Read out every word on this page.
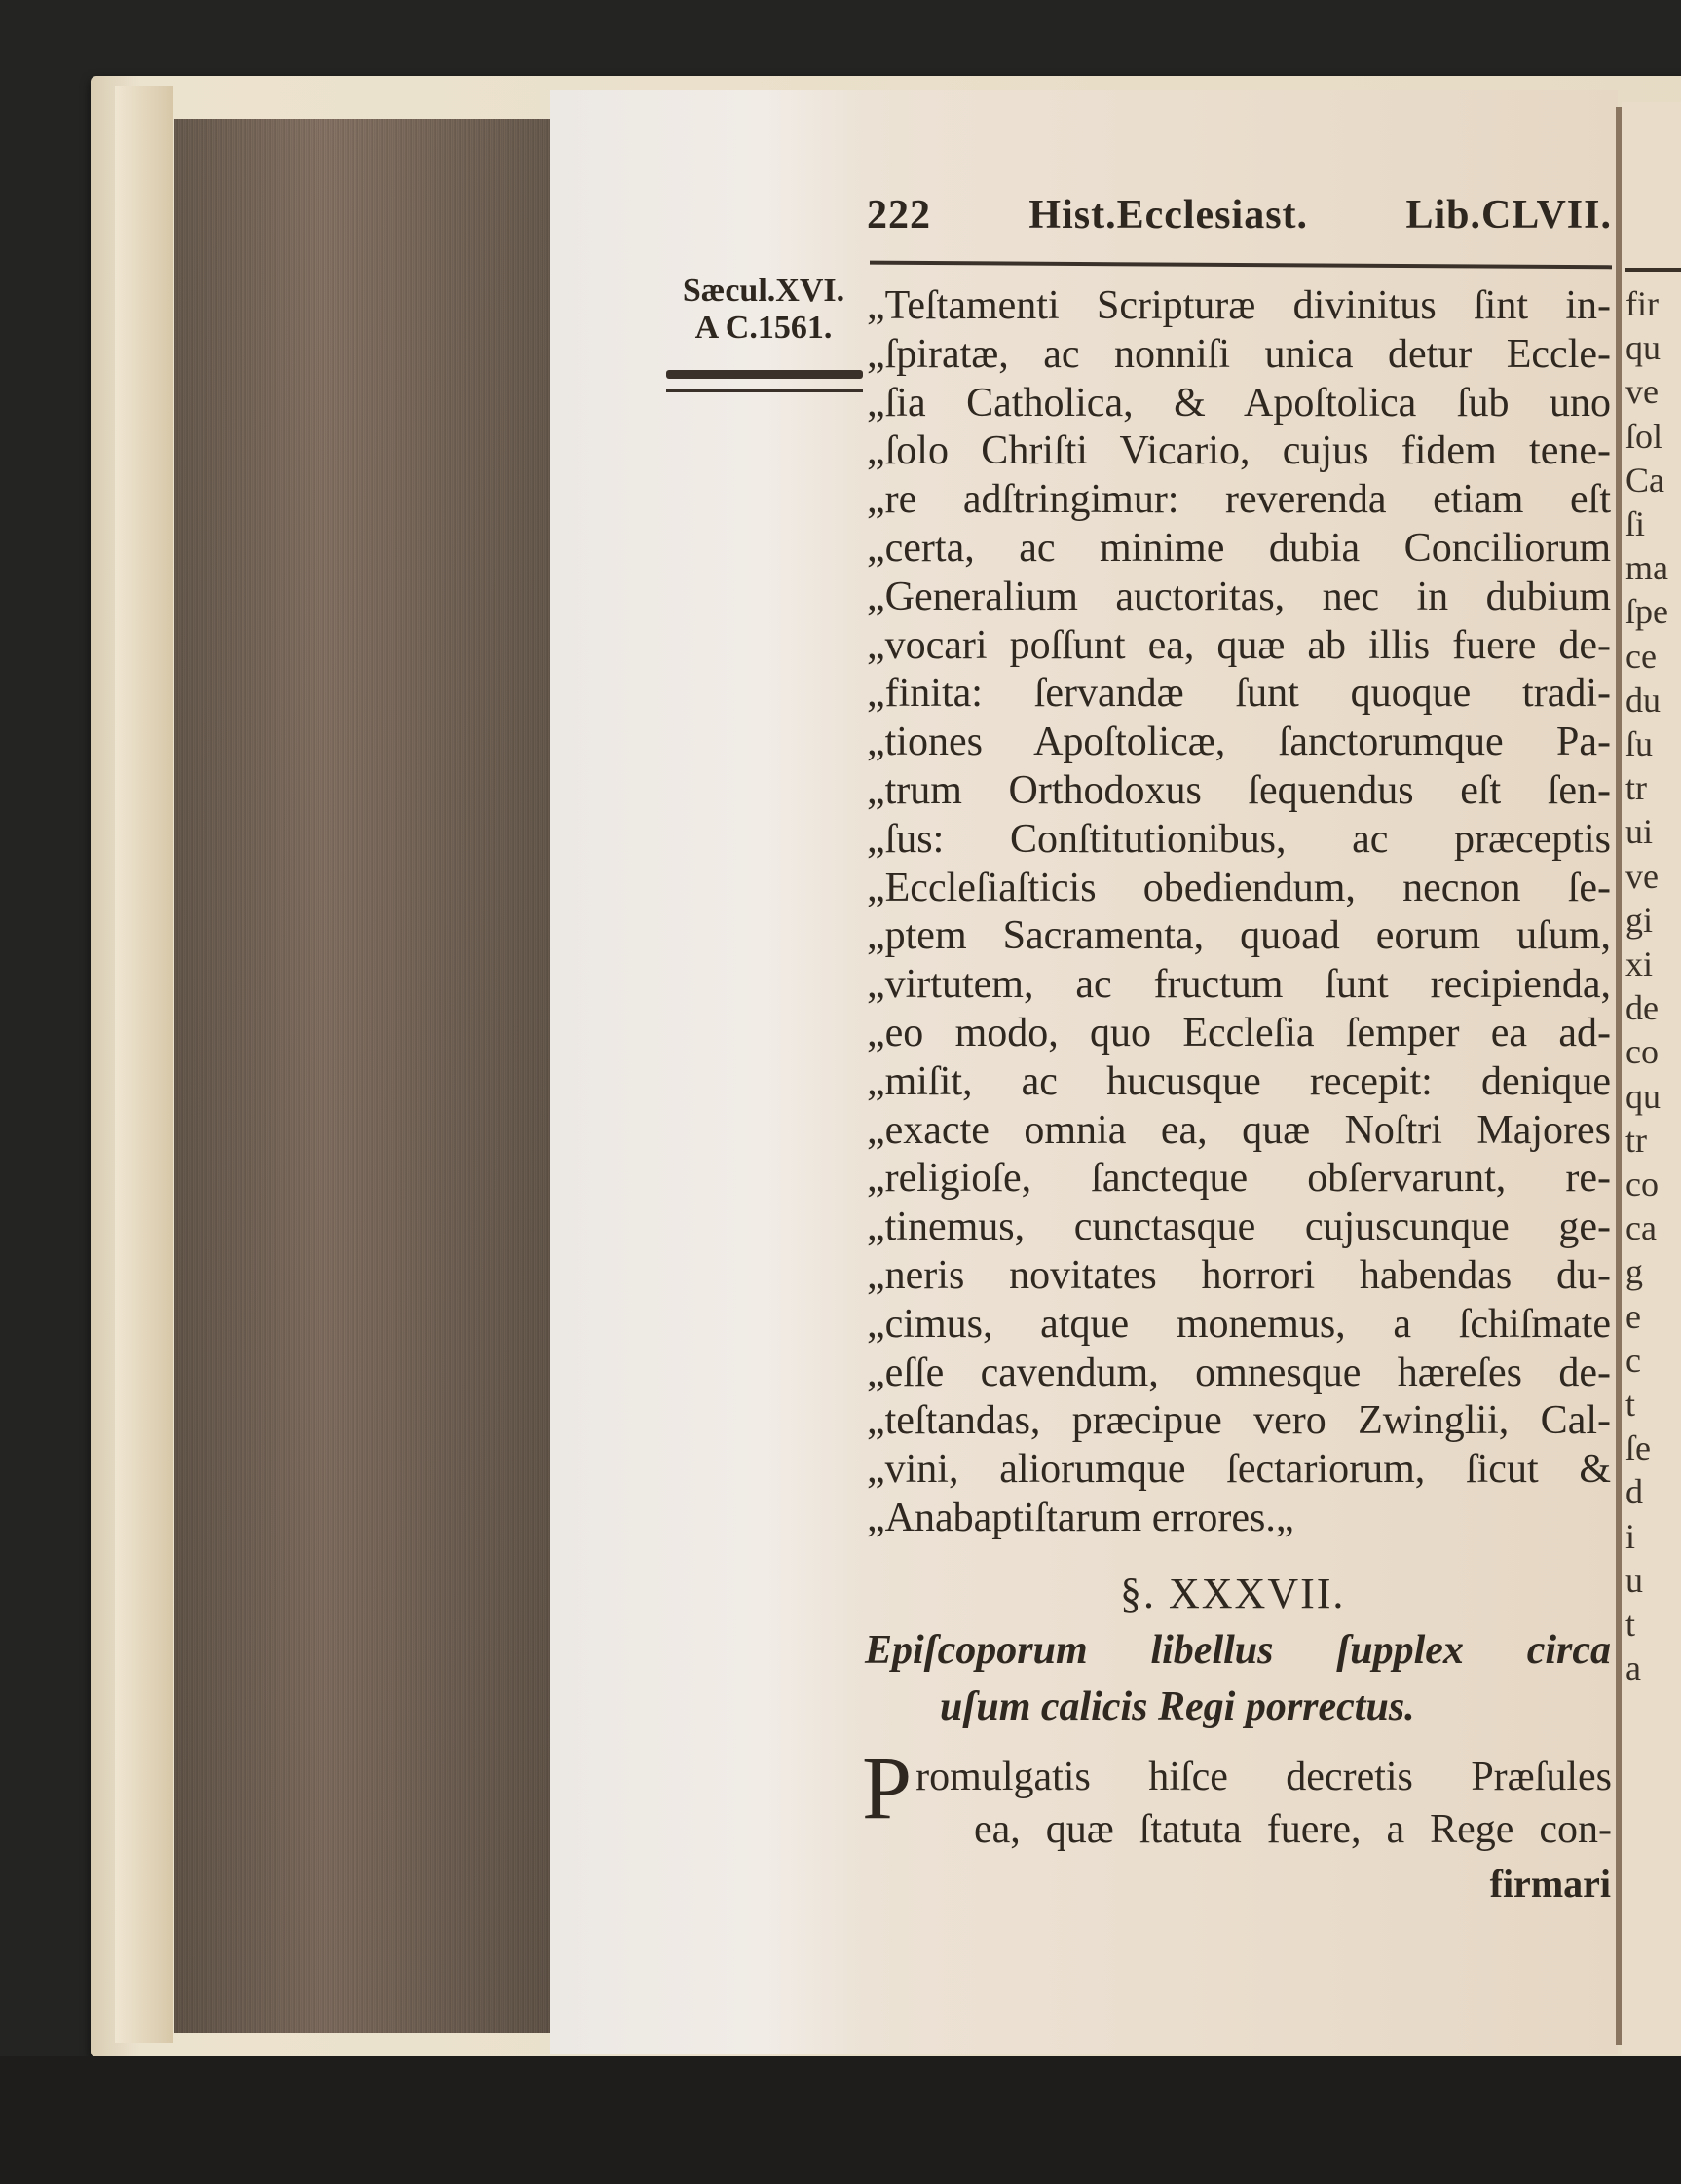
fir
qu
ve
ſol
Ca
ſi
ma
ſpe
ce
du
ſu
tr
ui
ve
gi
xi
de
co
qu
tr
co
ca
g
e
c
t
ſe
d
i
u
t
a
222 Hist.Ecclesiast. Lib.CLVII.
Sæcul.XVI.
A C.1561. „Teſtamenti Scripturæ divinitus ſint in-
„ſpiratæ, ac nonniſi unica detur Eccle-
„ſia Catholica, & Apoſtolica ſub uno
„ſolo Chriſti Vicario, cujus fidem tene-
„re adſtringimur: reverenda etiam eſt
„certa, ac minime dubia Conciliorum
„Generalium auctoritas, nec in dubium
„vocari poſſunt ea, quæ ab illis fuere de-
„finita: ſervandæ ſunt quoque tradi-
„tiones Apoſtolicæ, ſanctorumque Pa-
„trum Orthodoxus ſequendus eſt ſen-
„ſus: Conſtitutionibus, ac præceptis
„Eccleſiaſticis obediendum, necnon ſe-
„ptem Sacramenta, quoad eorum uſum,
„virtutem, ac fructum ſunt recipienda,
„eo modo, quo Eccleſia ſemper ea ad-
„miſit, ac hucusque recepit: denique
„exacte omnia ea, quæ Noſtri Majores
„religioſe, ſancteque obſervarunt, re-
„tinemus, cunctasque cujuscunque ge-
„neris novitates horrori habendas du-
„cimus, atque monemus, a ſchiſmate
„eſſe cavendum, omnesque hæreſes de-
„teſtandas, præcipue vero Zwinglii, Cal-
„vini, aliorumque ſectariorum, ſicut &
„Anabaptiſtarum errores.„
§. XXXVII.
Epiſcoporum libellus ſupplex circa
uſum calicis Regi porrectus.
P romulgatis hiſce decretis Præſules
ea, quæ ſtatuta fuere, a Rege con-
firmari
